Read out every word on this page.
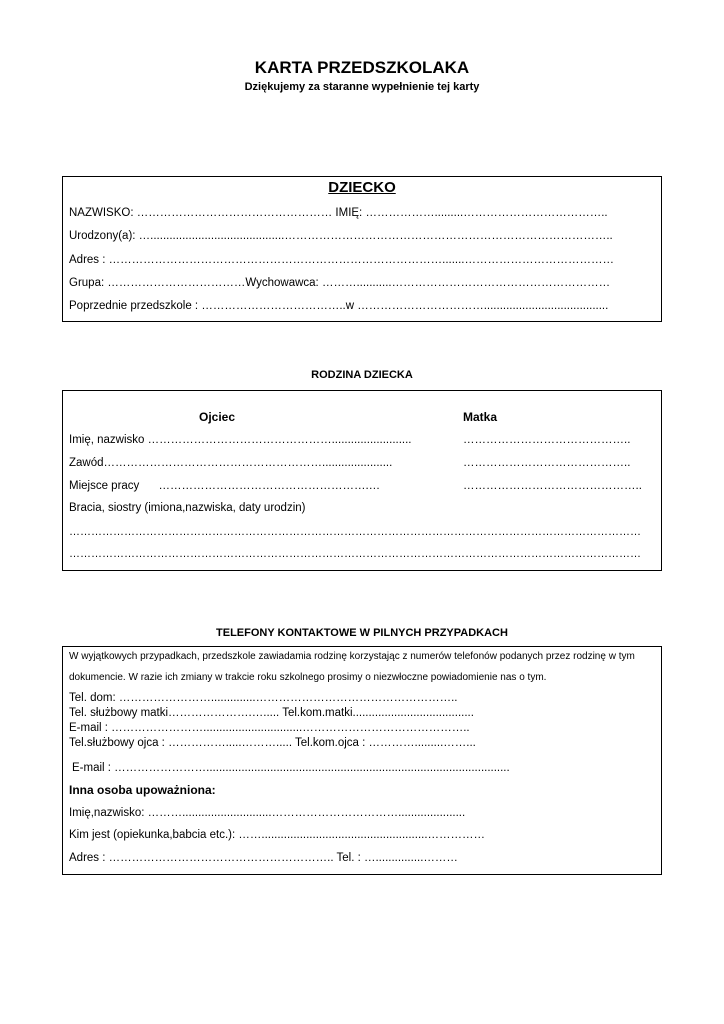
KARTA PRZEDSZKOLAKA
Dziękujemy za staranne wypełnienie tej karty
DZIECKO
NAZWISKO: …………………………………………… IMIĘ: ……………….........………………………………..
Urodzony(a): …..........................................…………………………………………………………………………..
Adres : …………………………………………………………………………….......…………………………………
Grupa: ………………………………Wychowawca: ………...........…………………………………………………
Poprzednie przedszkole : ………………………………..w …………………………….......................................
RODZINA DZIECKA
Ojciec	Matka
Imię, nazwisko ………………………………………….........................	……………………………………..
Zawód…………………………………………………......................	……………………………………..
Miejsce pracy      ……………………………………………….…	………………………………………..
Bracia, siostry (imiona,nazwiska, daty urodzin)
…………………………………………………………………………………………………………………………………………
…………………………………………………………………………………………………………………………………………
TELEFONY KONTAKTOWE W PILNYCH PRZYPADKACH
W wyjątkowych przypadkach, przedszkole zawiadamia rodzinę korzystając z numerów telefonów podanych przez rodzinę w tym
dokumencie. W razie ich zmiany w trakcie roku szkolnego prosimy o niezwłoczne powiadomienie nas o tym.
Tel. dom: ……………………..............……………………………………………..
Tel. służbowy matki………………….…..... Tel.kom.matki......................................
E-mail : ……………………...............................……………………………………..
Tel.służbowy ojca : …………….....………..... Tel.kom.ojca : ………….........……...
E-mail : ……………………...............................................................................................
Inna osoba upoważniona:
Imię,nazwisko: ………............................…………………………….....................
Kim jest (opiekunka,babcia etc.): ……....................................................……………
Adres : ………………………………………………….. Tel. : …...............………
